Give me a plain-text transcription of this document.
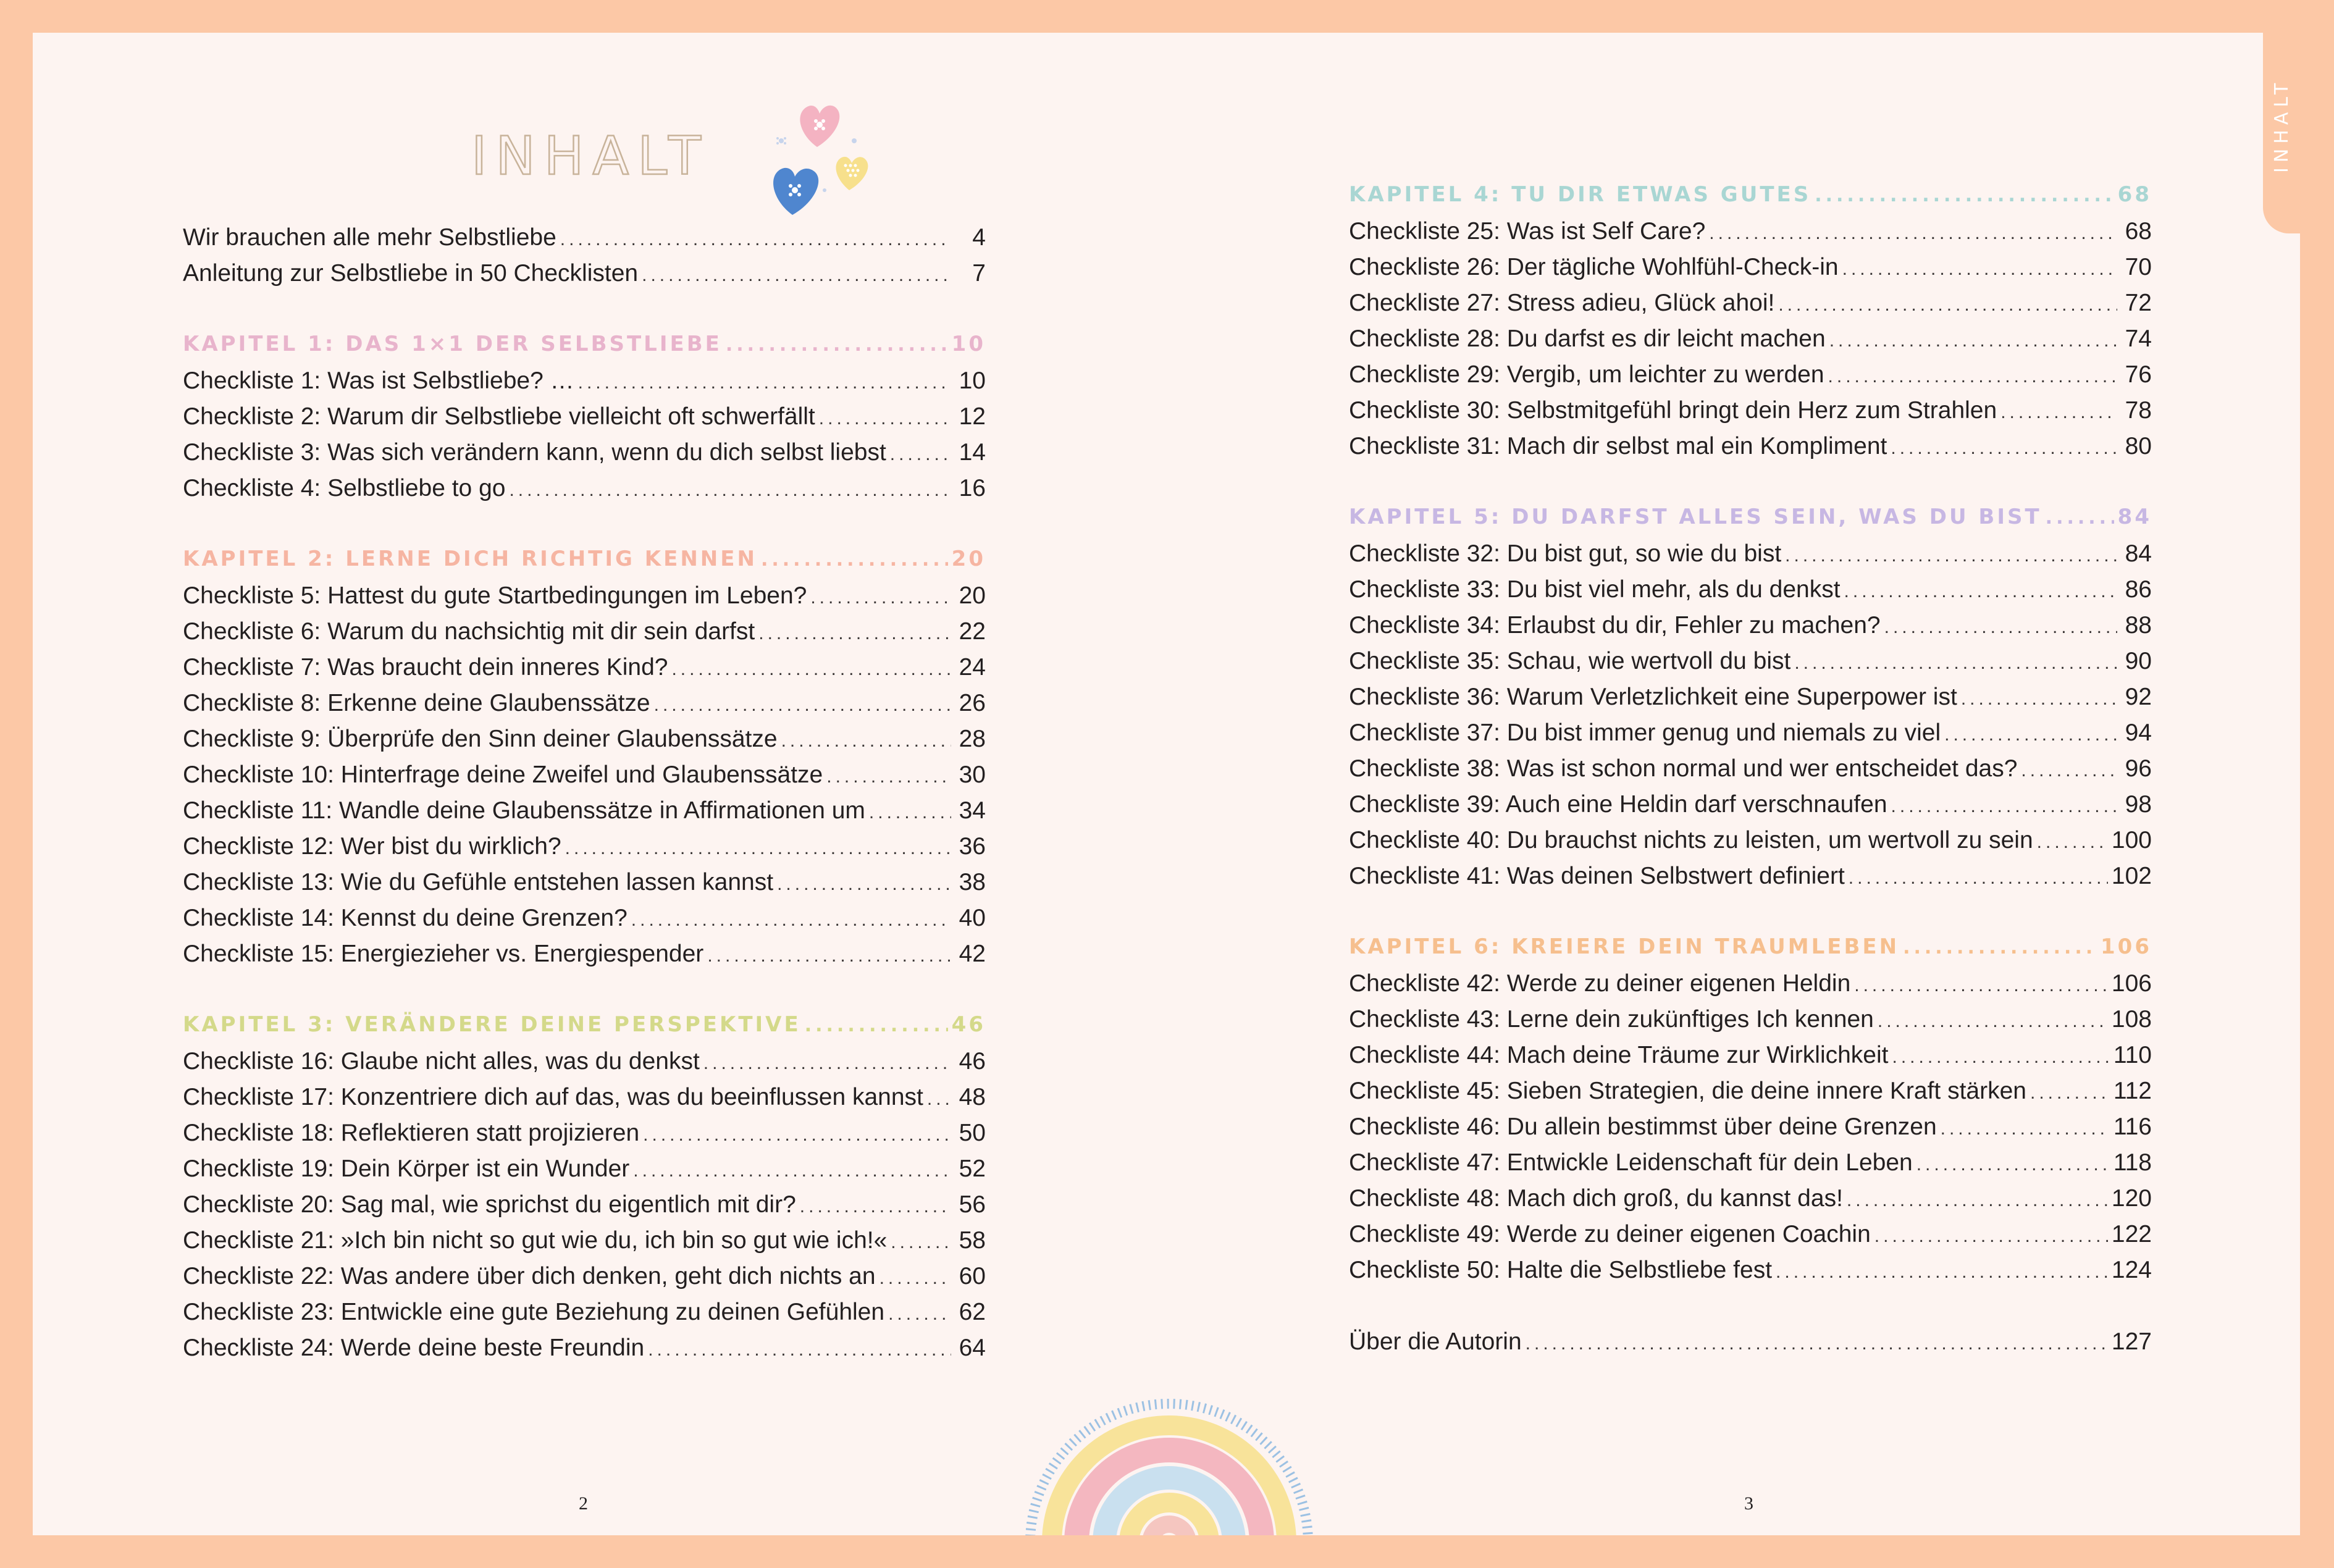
INHALT
INHALT
Wir brauchen alle mehr Selbstliebe .....	4
Anleitung zur Selbstliebe in 50 Checklisten .....	7
KAPITEL 1: DAS 1×1 DER SELBSTLIEBE .....	10
Checkliste 1: Was ist Selbstliebe? … .....	10
Checkliste 2: Warum dir Selbstliebe vielleicht oft schwerfällt .....	12
Checkliste 3: Was sich verändern kann, wenn du dich selbst liebst .....	14
Checkliste 4: Selbstliebe to go .....	16
KAPITEL 2: LERNE DICH RICHTIG KENNEN .....	20
Checkliste 5: Hattest du gute Startbedingungen im Leben? .....	20
Checkliste 6: Warum du nachsichtig mit dir sein darfst .....	22
Checkliste 7: Was braucht dein inneres Kind? .....	24
Checkliste 8: Erkenne deine Glaubenssätze .....	26
Checkliste 9: Überprüfe den Sinn deiner Glaubenssätze .....	28
Checkliste 10: Hinterfrage deine Zweifel und Glaubenssätze .....	30
Checkliste 11: Wandle deine Glaubenssätze in Affirmationen um .....	34
Checkliste 12: Wer bist du wirklich? .....	36
Checkliste 13: Wie du Gefühle entstehen lassen kannst .....	38
Checkliste 14: Kennst du deine Grenzen? .....	40
Checkliste 15: Energiezieher vs. Energiespender .....	42
KAPITEL 3: VERÄNDERE DEINE PERSPEKTIVE .....	46
Checkliste 16: Glaube nicht alles, was du denkst .....	46
Checkliste 17: Konzentriere dich auf das, was du beeinflussen kannst ..... 48
Checkliste 18: Reflektieren statt projizieren .....	50
Checkliste 19: Dein Körper ist ein Wunder .....	52
Checkliste 20: Sag mal, wie sprichst du eigentlich mit dir? .....	56
Checkliste 21: »Ich bin nicht so gut wie du, ich bin so gut wie ich!« .....	58
Checkliste 22: Was andere über dich denken, geht dich nichts an .....	60
Checkliste 23: Entwickle eine gute Beziehung zu deinen Gefühlen .....	62
Checkliste 24: Werde deine beste Freundin .....	64
KAPITEL 4: TU DIR ETWAS GUTES .....	68
Checkliste 25: Was ist Self Care? .....	68
Checkliste 26: Der tägliche Wohlfühl-Check-in .....	70
Checkliste 27: Stress adieu, Glück ahoi! .....	72
Checkliste 28: Du darfst es dir leicht machen .....	74
Checkliste 29: Vergib, um leichter zu werden .....	76
Checkliste 30: Selbstmitgefühl bringt dein Herz zum Strahlen .....	78
Checkliste 31: Mach dir selbst mal ein Kompliment .....	80
KAPITEL 5: DU DARFST ALLES SEIN, WAS DU BIST .....	84
Checkliste 32: Du bist gut, so wie du bist .....	84
Checkliste 33: Du bist viel mehr, als du denkst .....	86
Checkliste 34: Erlaubst du dir, Fehler zu machen? .....	88
Checkliste 35: Schau, wie wertvoll du bist .....	90
Checkliste 36: Warum Verletzlichkeit eine Superpower ist .....	92
Checkliste 37: Du bist immer genug und niemals zu viel .....	94
Checkliste 38: Was ist schon normal und wer entscheidet das? .....	96
Checkliste 39: Auch eine Heldin darf verschnaufen .....	98
Checkliste 40: Du brauchst nichts zu leisten, um wertvoll zu sein .....	100
Checkliste 41: Was deinen Selbstwert definiert .....	102
KAPITEL 6: KREIERE DEIN TRAUMLEBEN .....	106
Checkliste 42: Werde zu deiner eigenen Heldin .....	106
Checkliste 43: Lerne dein zukünftiges Ich kennen .....	108
Checkliste 44: Mach deine Träume zur Wirklichkeit .....	110
Checkliste 45: Sieben Strategien, die deine innere Kraft stärken .....	112
Checkliste 46: Du allein bestimmst über deine Grenzen .....	116
Checkliste 47: Entwickle Leidenschaft für dein Leben .....	118
Checkliste 48: Mach dich groß, du kannst das! .....	120
Checkliste 49: Werde zu deiner eigenen Coachin .....	122
Checkliste 50: Halte die Selbstliebe fest .....	124
Über die Autorin .....	127
2	3
